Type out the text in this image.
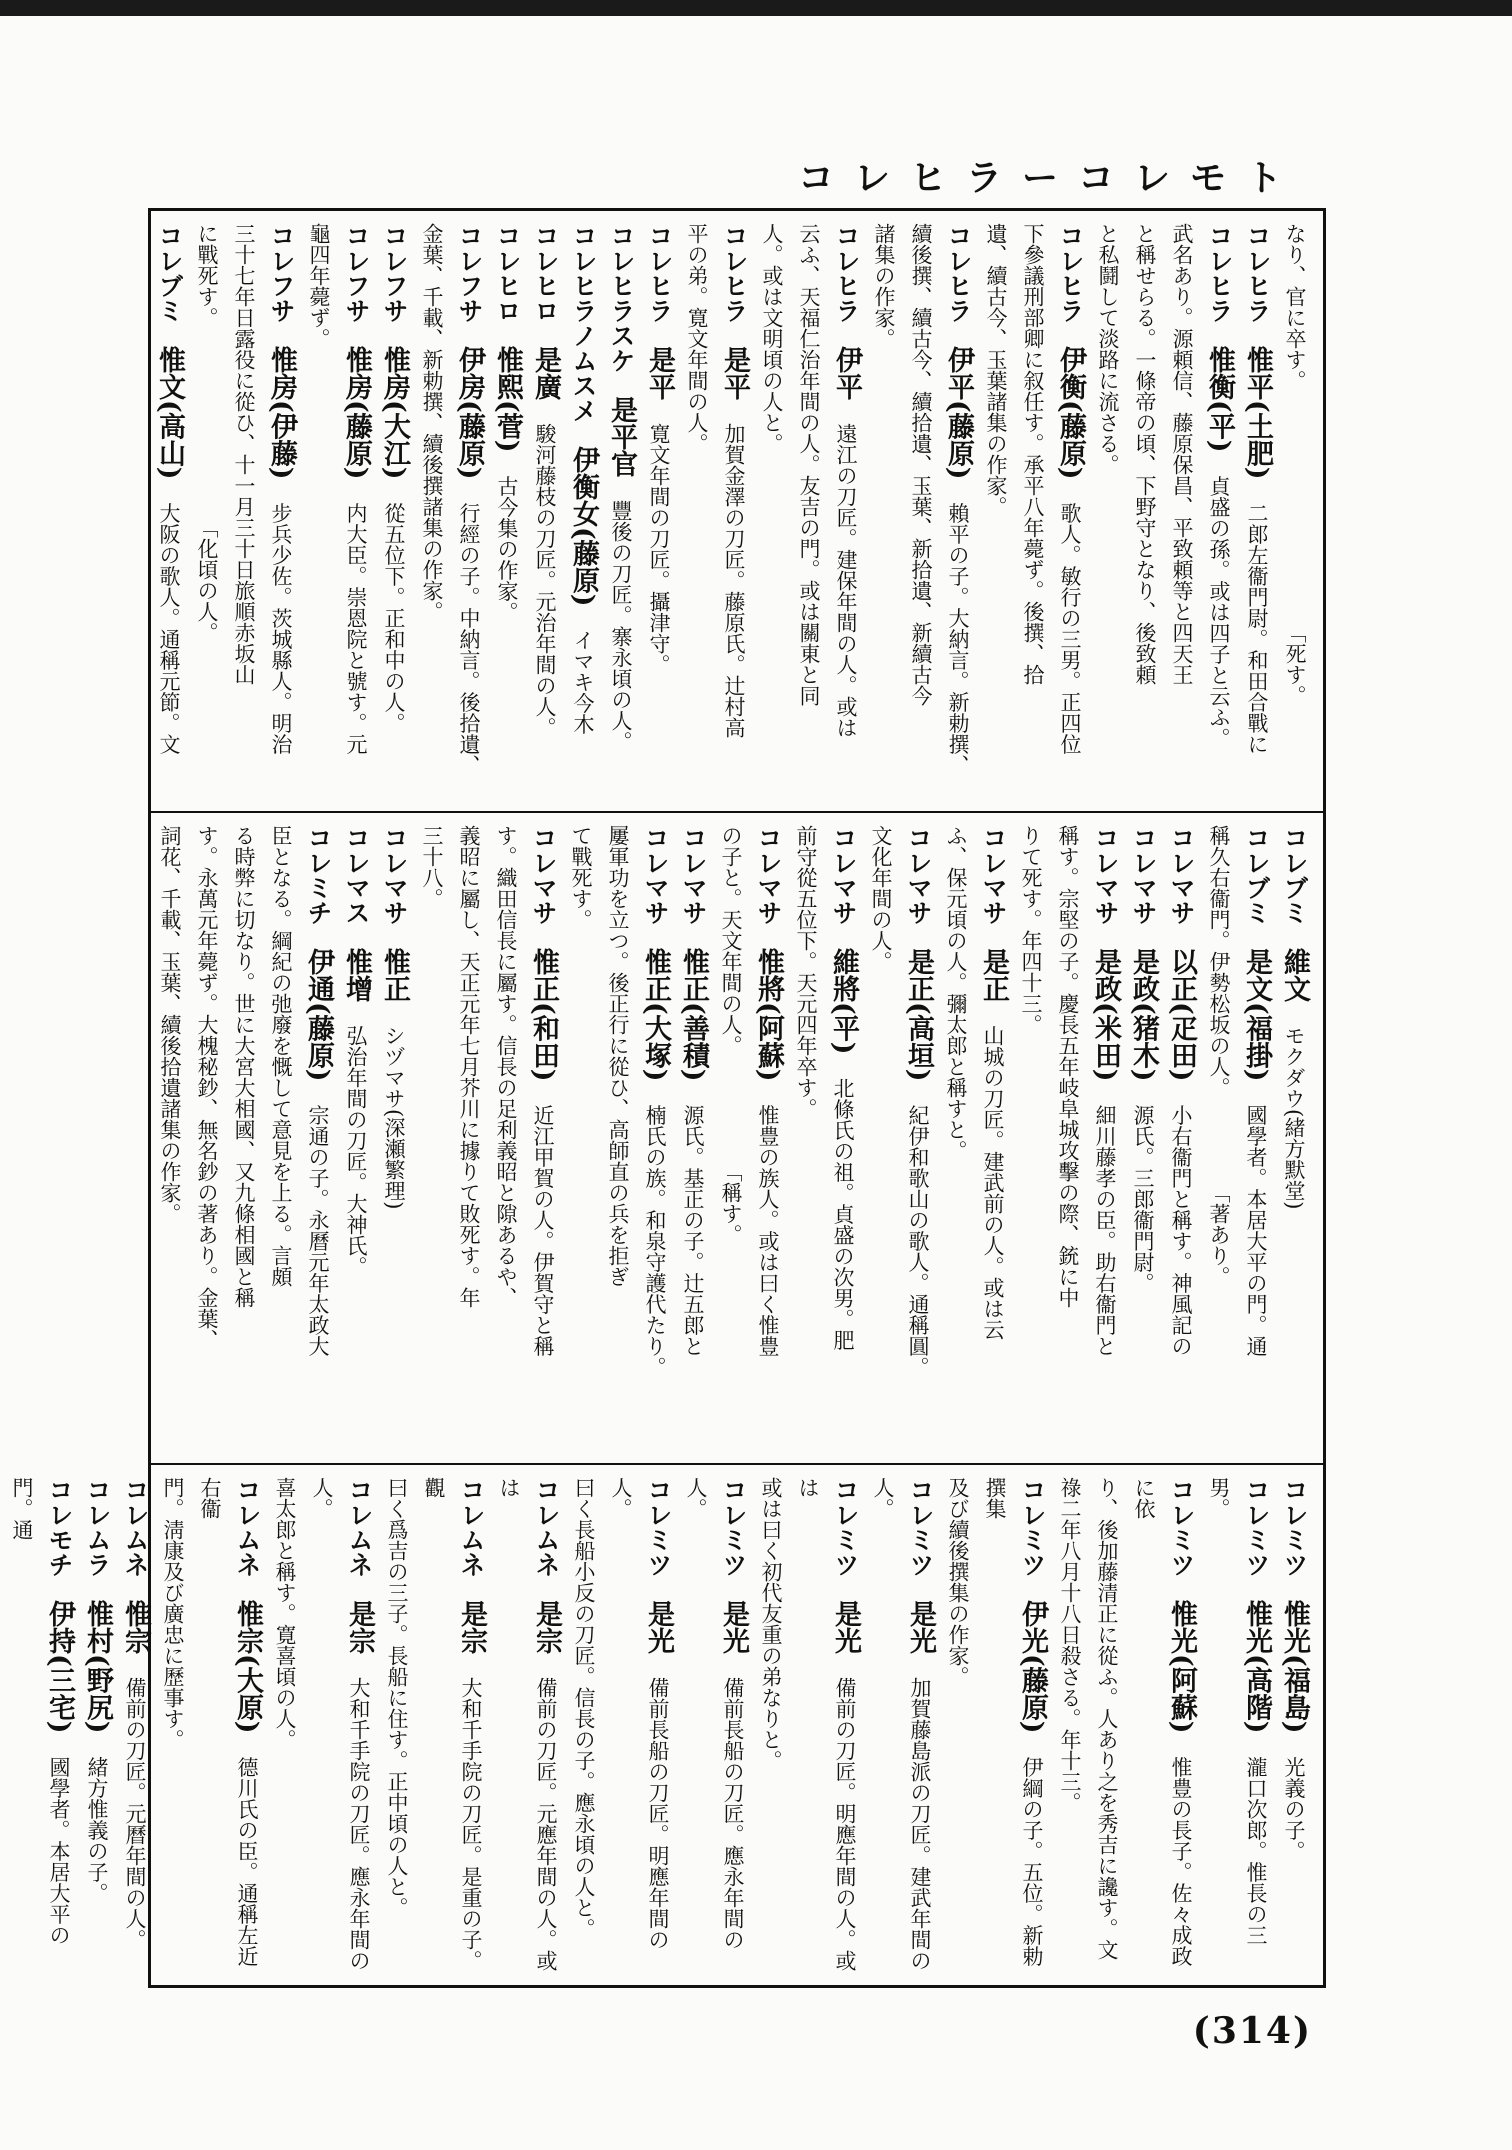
コレヒラーコレモト
なり、官に卒す。　　　　　　　　　　　　「死す。
コレヒラ　惟平(土肥)　二郎左衞門尉。和田合戰に
コレヒラ　惟衡(平)　貞盛の孫。或は四子と云ふ。
武名あり。源頼信、藤原保昌、平致頼等と四天王
と稱せらる。一條帝の頃、下野守となり、後致頼
と私鬪して淡路に流さる。
コレヒラ　伊衡(藤原)　歌人。敏行の三男。正四位
下參議刑部卿に叙任す。承平八年薨ず。後撰、拾
遺、續古今、玉葉諸集の作家。
コレヒラ　伊平(藤原)　賴平の子。大納言。新勅撰、
續後撰、續古今、續拾遺、玉葉、新拾遺、新續古今
諸集の作家。
コレヒラ　伊平　遠江の刀匠。建保年間の人。或は
云ふ、天福仁治年間の人。友吉の門。或は關東と同
人。或は文明頃の人と。
コレヒラ　是平　加賀金澤の刀匠。藤原氏。辻村高
平の弟。寛文年間の人。
コレヒラ　是平　寛文年間の刀匠。攝津守。
コレヒラスケ　是平官　豐後の刀匠。寨永頃の人。
コレヒラノムスメ　伊衡女(藤原)　イマキ今木
コレヒロ　是廣　駿河藤枝の刀匠。元治年間の人。
コレヒロ　惟熙(菅)　古今集の作家。
コレフサ　伊房(藤原)　行經の子。中納言。後拾遺、
金葉、千載、新勅撰、續後撰諸集の作家。
コレフサ　惟房(大江)　從五位下。正和中の人。
コレフサ　惟房(藤原)　内大臣。崇恩院と號す。元
龜四年薨ず。
コレフサ　惟房(伊藤)　步兵少佐。茨城縣人。明治
三十七年日露役に從ひ、十一月三十日旅順赤坂山
に戰死す。　　　　　　　　　　「化頃の人。
コレブミ　惟文(高山)　大阪の歌人。通稱元節。文
コレブミ　維文　モクダウ(緒方默堂)
コレブミ　是文(福掛)　國學者。本居大平の門。通
稱久右衞門。伊勢松坂の人。　　　　　「著あり。
コレマサ　以正(疋田)　小右衞門と稱す。神風記の
コレマサ　是政(猪木)　源氏。三郎衞門尉。
コレマサ　是政(米田)　細川藤孝の臣。助右衞門と
稱す。宗堅の子。慶長五年岐阜城攻擊の際、銃に中
りて死す。年四十三。
コレマサ　是正　山城の刀匠。建武前の人。或は云
ふ、保元頃の人。彌太郎と稱すと。
コレマサ　是正(高垣)　紀伊和歌山の歌人。通稱圓。
文化年間の人。
コレマサ　維將(平)　北條氏の祖。貞盛の次男。肥
前守從五位下。天元四年卒す。
コレマサ　惟將(阿蘇)　惟豊の族人。或は曰く惟豊
の子と。天文年間の人。　　　　　　「稱す。
コレマサ　惟正(善積)　源氏。基正の子。辻五郎と
コレマサ　惟正(大塚)　楠氏の族。和泉守護代たり。
屢軍功を立つ。後正行に從ひ、高師直の兵を拒ぎ
て戰死す。
コレマサ　惟正(和田)　近江甲賀の人。伊賀守と稱
す。織田信長に屬す。信長の足利義昭と隙あるや、
義昭に屬し、天正元年七月芥川に據りて敗死す。年
三十八。
コレマサ　惟正　シヅマサ(深瀬繁理)
コレマス　惟增　弘治年間の刀匠。大神氏。
コレミチ　伊通(藤原)　宗通の子。永曆元年太政大
臣となる。綱紀の弛廢を慨して意見を上る。言頗
る時弊に切なり。世に大宮大相國、又九條相國と稱
す。永萬元年薨ず。大槐秘鈔、無名鈔の著あり。金葉、
詞花、千載、玉葉、續後拾遺諸集の作家。
コレミツ　惟光(福島)　光義の子。
コレミツ　惟光(高階)　瀧口次郎。惟長の三男。
コレミツ　惟光(阿蘇)　惟豊の長子。佐々成政に依
り、後加藤清正に從ふ。人あり之を秀吉に讒す。文
祿二年八月十八日殺さる。年十三。
コレミツ　伊光(藤原)　伊綱の子。五位。新勅撰集
及び續後撰集の作家。
コレミツ　是光　加賀藤島派の刀匠。建武年間の人。
コレミツ　是光　備前の刀匠。明應年間の人。或は
或は曰く初代友重の弟なりと。
コレミツ　是光　備前長船の刀匠。應永年間の人。
コレミツ　是光　備前長船の刀匠。明應年間の人。
曰く長船小反の刀匠。信長の子。應永頃の人と。
コレムネ　是宗　備前の刀匠。元應年間の人。或は
コレムネ　是宗　大和千手院の刀匠。是重の子。觀
曰く爲吉の三子。長船に住す。正中頃の人と。
コレムネ　是宗　大和千手院の刀匠。應永年間の人。
喜太郎と稱す。寛喜頃の人。
コレムネ　惟宗(大原)　德川氏の臣。通稱左近右衞
門。淸康及び廣忠に歷事す。
コレムネ　惟宗　備前の刀匠。元曆年間の人。
コレムラ　惟村(野尻)　緒方惟義の子。
コレモチ　伊持(三宅)　國學者。本居大平の門。通

(314)
